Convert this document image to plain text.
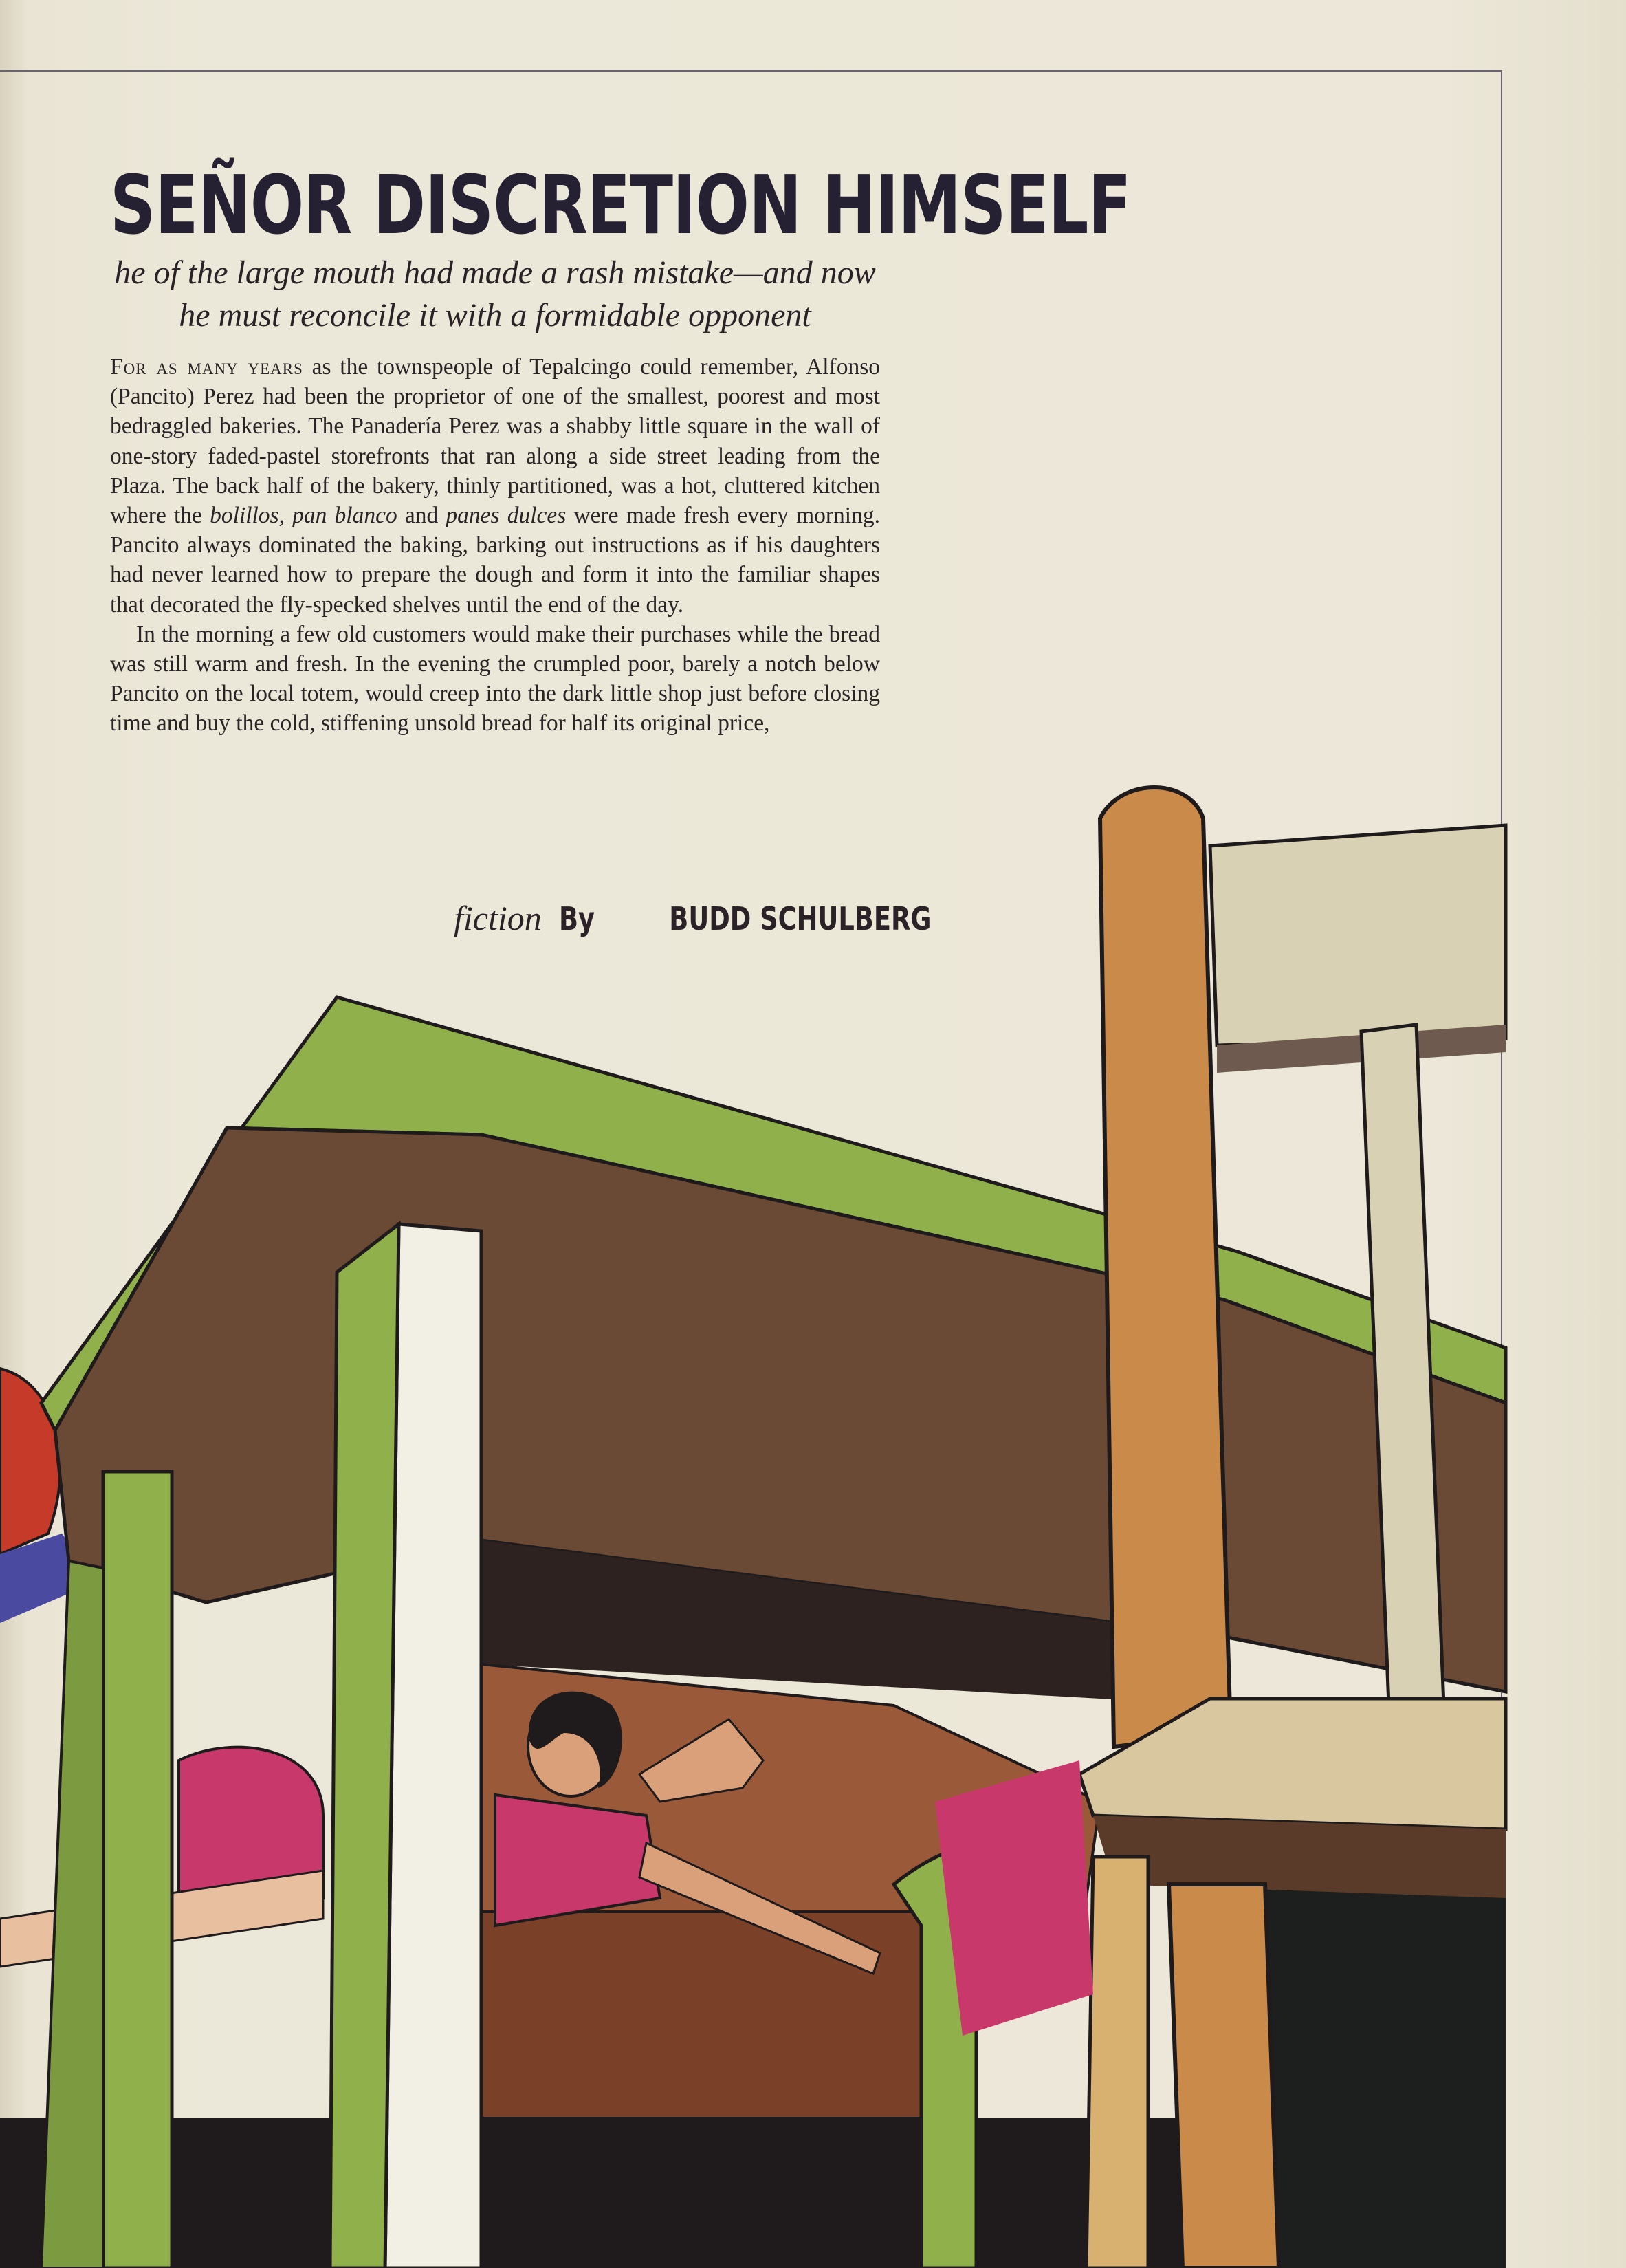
SEÑOR DISCRETION HIMSELF

he of the large mouth had made a rash mistake—and now he must reconcile it with a formidable opponent

For as many years as the townspeople of Tepalcingo could remember, Alfonso (Pancito) Perez had been the proprietor of one of the smallest, poorest and most bedraggled bakeries. The Panadería Perez was a shabby little square in the wall of one-story faded-pastel storefronts that ran along a side street leading from the Plaza. The back half of the bakery, thinly partitioned, was a hot, cluttered kitchen where the bolillos, pan blanco and panes dulces were made fresh every morning. Pancito always dominated the baking, barking out instructions as if his daughters had never learned how to prepare the dough and form it into the familiar shapes that decorated the fly-specked shelves until the end of the day.

In the morning a few old customers would make their purchases while the bread was still warm and fresh. In the evening the crumpled poor, barely a notch below Pancito on the local totem, would creep into the dark little shop just before closing time and buy the cold, stiffening unsold bread for half its original price,

fiction By BUDD SCHULBERG
